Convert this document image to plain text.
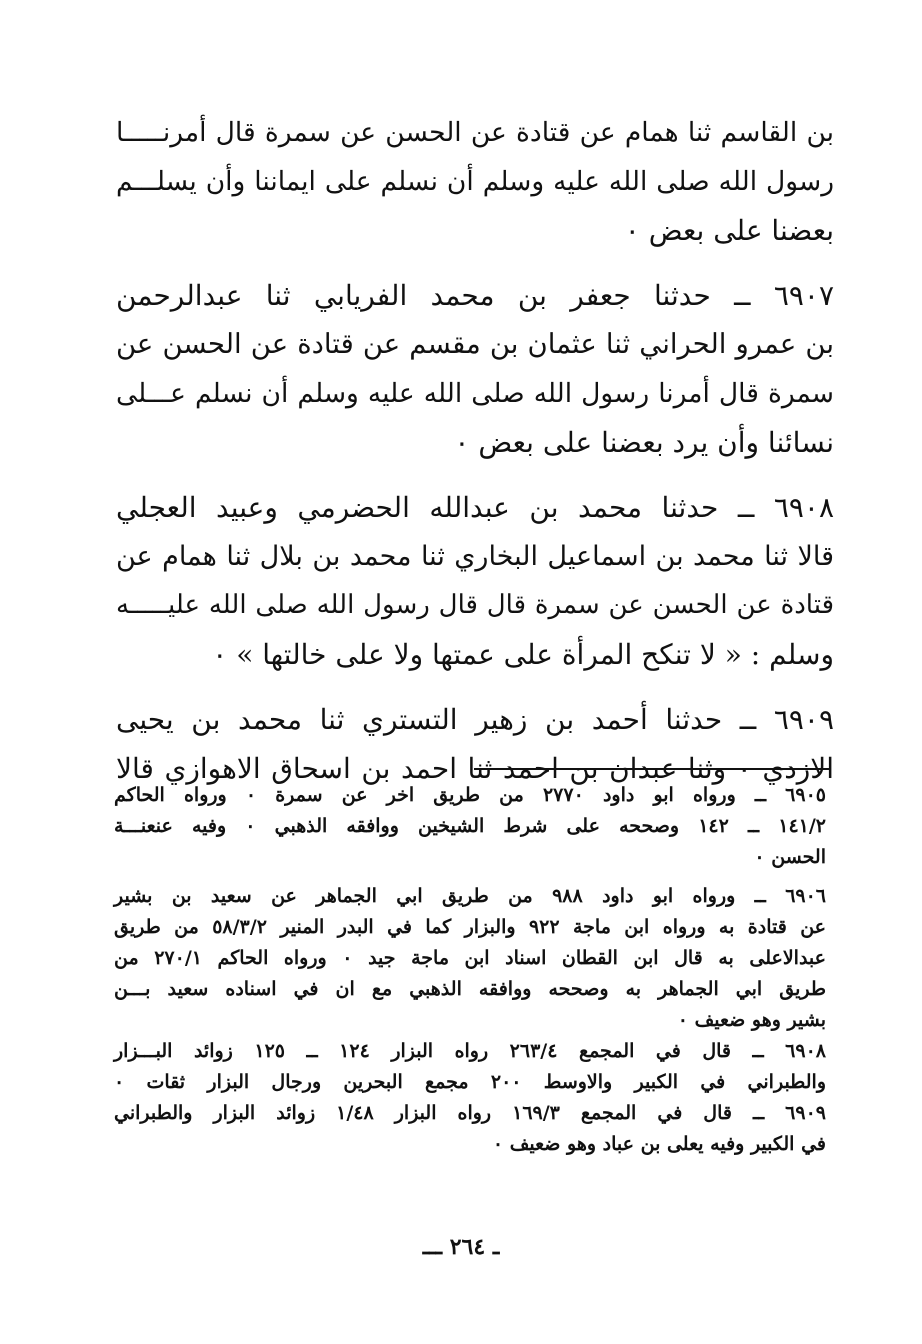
بن القاسم ثنا همام عن قتادة عن الحسن عن سمرة قال أمرنـــــا
رسول الله صلى الله عليه وسلم أن نسلم على ايماننا وأن يسلـــم
بعضنا على بعض ٠
٦٩٠٧ ــ حدثنا جعفر بن محمد الفريابي ثنا عبدالرحمن
بن عمرو الحراني ثنا عثمان بن مقسم عن قتادة عن الحسن عن
سمرة قال أمرنا رسول الله صلى الله عليه وسلم أن نسلم عـــلى
نسائنا وأن يرد بعضنا على بعض ٠
٦٩٠٨ ــ حدثنا محمد بن عبدالله الحضرمي وعبيد العجلي
قالا ثنا محمد بن اسماعيل البخاري ثنا محمد بن بلال ثنا همام عن
قتادة عن الحسن عن سمرة قال قال رسول الله صلى الله عليـــــه
وسلم : « لا تنكح المرأة على عمتها ولا على خالتها » ٠
٦٩٠٩ ــ حدثنا أحمد بن زهير التستري ثنا محمد بن يحيى
الازدي ٠ وثنا عبدان بن احمد ثنا احمد بن اسحاق الاهوازي قالا
٦٩٠٥ ــ ورواه ابو داود ٢٧٧٠ من طريق اخر عن سمرة ٠ ورواه الحاكم
١٤١/٢ ــ ١٤٢ وصححه على شرط الشيخين ووافقه الذهبي ٠ وفيه عنعنـــة
الحسن ٠
٦٩٠٦ ــ ورواه ابو داود ٩٨٨ من طريق ابي الجماهر عن سعيد بن بشير
عن قتادة به ورواه ابن ماجة ٩٢٢ والبزار كما في البدر المنير ٥٨/٣/٢ من طريق
عبدالاعلى به قال ابن القطان اسناد ابن ماجة جيد ٠ ورواه الحاكم ٢٧٠/١ من
طريق ابي الجماهر به وصححه ووافقه الذهبي مع ان في اسناده سعيد بـــن
بشير وهو ضعيف ٠
٦٩٠٨ ــ قال في المجمع ٢٦٣/٤ رواه البزار ١٢٤ ــ ١٢٥ زوائد البـــزار
والطبراني في الكبير والاوسط ٢٠٠ مجمع البحرين ورجال البزار ثقات ٠
٦٩٠٩ ــ قال في المجمع ١٦٩/٣ رواه البزار ١/٤٨ زوائد البزار والطبراني
في الكبير وفيه يعلى بن عباد وهو ضعيف ٠
ـ ٢٦٤ ـــ
